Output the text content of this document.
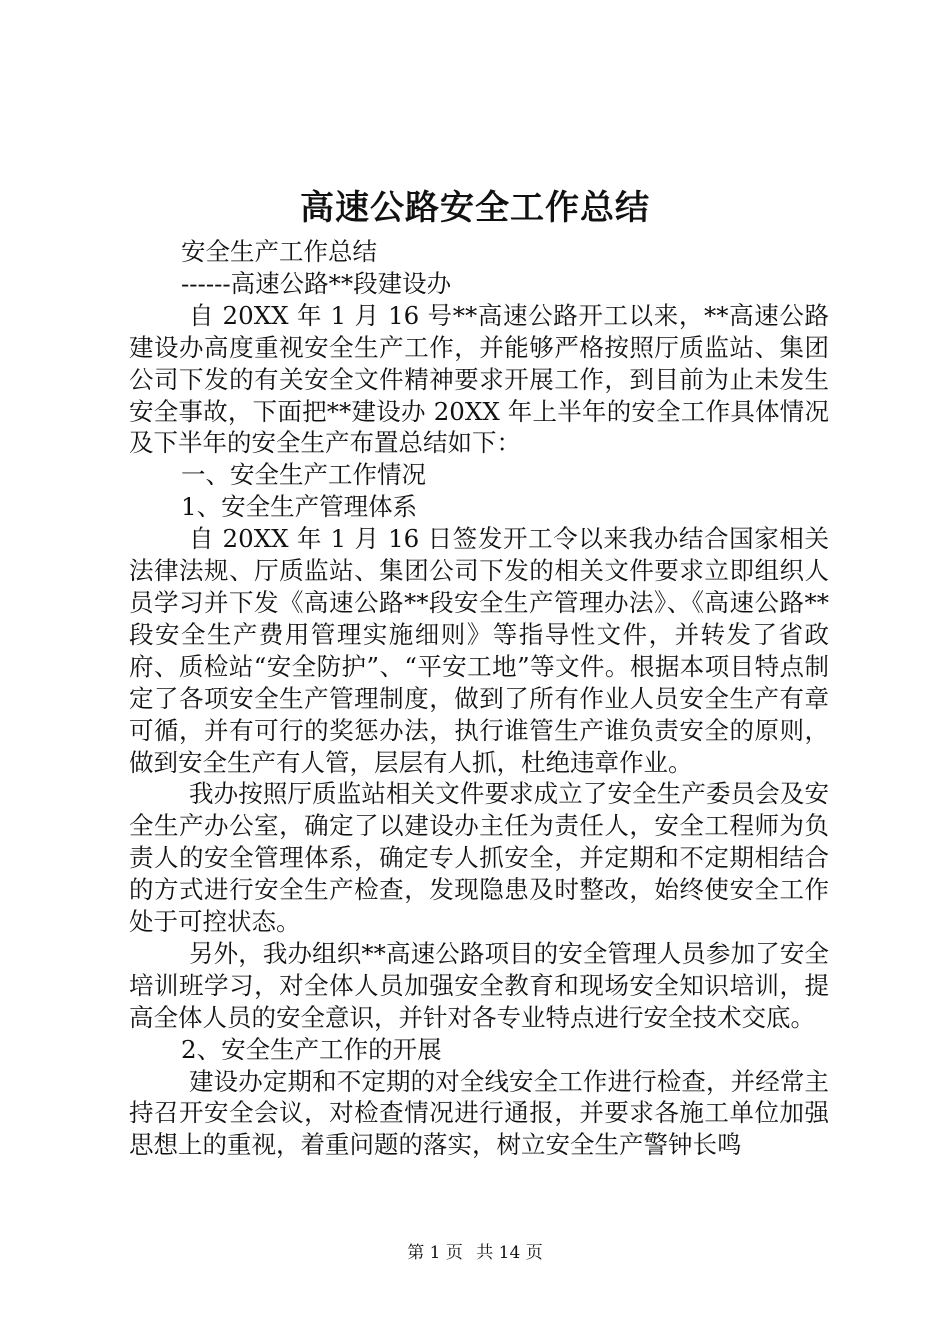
高速公路安全工作总结

安全生产工作总结

------高速公路**段建设办

自 20XX 年 1 月 16 号**高速公路开工以来，**高速公路建设办高度重视安全生产工作，并能够严格按照厅质监站、集团公司下发的有关安全文件精神要求开展工作，到目前为止未发生安全事故，下面把**建设办 20XX 年上半年的安全工作具体情况及下半年的安全生产布置总结如下：

一、安全生产工作情况

1、安全生产管理体系

自 20XX 年 1 月 16 日签发开工令以来我办结合国家相关法律法规、厅质监站、集团公司下发的相关文件要求立即组织人员学习并下发《高速公路**段安全生产管理办法》、《高速公路**段安全生产费用管理实施细则》等指导性文件，并转发了省政府、质检站“安全防护”、“平安工地”等文件。根据本项目特点制定了各项安全生产管理制度，做到了所有作业人员安全生产有章可循，并有可行的奖惩办法，执行谁管生产谁负责安全的原则，做到安全生产有人管，层层有人抓，杜绝违章作业。

我办按照厅质监站相关文件要求成立了安全生产委员会及安全生产办公室，确定了以建设办主任为责任人，安全工程师为负责人的安全管理体系，确定专人抓安全，并定期和不定期相结合的方式进行安全生产检查，发现隐患及时整改，始终使安全工作处于可控状态。

另外，我办组织**高速公路项目的安全管理人员参加了安全培训班学习，对全体人员加强安全教育和现场安全知识培训，提高全体人员的安全意识，并针对各专业特点进行安全技术交底。

2、安全生产工作的开展

建设办定期和不定期的对全线安全工作进行检查，并经常主持召开安全会议，对检查情况进行通报，并要求各施工单位加强思想上的重视，着重问题的落实，树立安全生产警钟长鸣

第 1 页 共 14 页
